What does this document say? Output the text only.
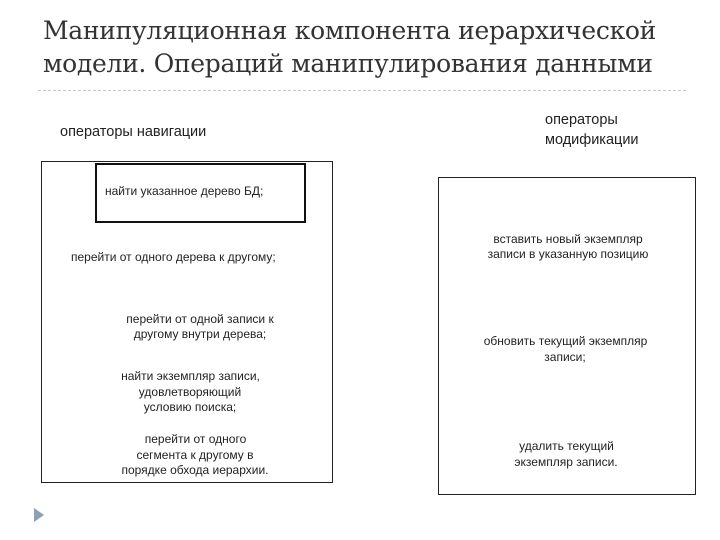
Манипуляционная компонента иерархической
модели. Операций манипулирования данными
операторы навигации
операторы
модификации
найти указанное дерево БД;
перейти от одного дерева к другому;
перейти от одной записи к
другому внутри дерева;
найти экземпляр записи,
удовлетворяющий
условию поиска;
перейти от одного
сегмента к другому в
порядке обхода иерархии.
вставить новый экземпляр
записи в указанную позицию
обновить текущий экземпляр
записи;
удалить текущий
экземпляр записи.
